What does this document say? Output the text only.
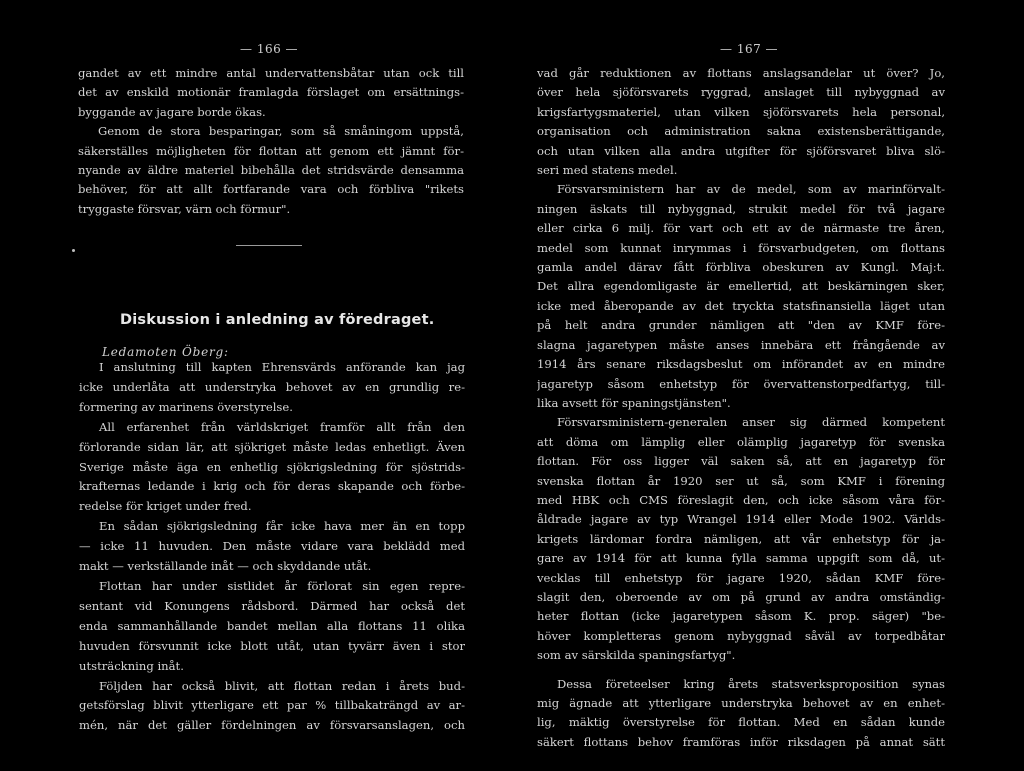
— 166 —
gandet av ett mindre antal undervattensbåtar utan ock till
det av enskild motionär framlagda förslaget om ersättnings-
byggande av jagare borde ökas.
Genom de stora besparingar, som så småningom uppstå,
säkerställes möjligheten för flottan att genom ett jämnt för-
nyande av äldre materiel bibehålla det stridsvärde densamma
behöver, för att allt fortfarande vara och förbliva "rikets
tryggaste försvar, värn och förmur".
Diskussion i anledning av föredraget.
Ledamoten Öberg:
I anslutning till kapten Ehrensvärds anförande kan jag
icke underlåta att understryka behovet av en grundlig re-
formering av marinens överstyrelse.
All erfarenhet från världskriget framför allt från den
förlorande sidan lär, att sjökriget måste ledas enhetligt. Även
Sverige måste äga en enhetlig sjökrigsledning för sjöstrids-
krafternas ledande i krig och för deras skapande och förbe-
redelse för kriget under fred.
En sådan sjökrigsledning får icke hava mer än en topp
— icke 11 huvuden. Den måste vidare vara beklädd med
makt — verkställande inåt — och skyddande utåt.
Flottan har under sistlidet år förlorat sin egen repre-
sentant vid Konungens rådsbord. Därmed har också det
enda sammanhållande bandet mellan alla flottans 11 olika
huvuden försvunnit icke blott utåt, utan tyvärr även i stor
utsträckning inåt.
Följden har också blivit, att flottan redan i årets bud-
getsförslag blivit ytterligare ett par % tillbakaträngd av ar-
mén, när det gäller fördelningen av försvarsanslagen, och
— 167 —
vad går reduktionen av flottans anslagsandelar ut över? Jo,
över hela sjöförsvarets ryggrad, anslaget till nybyggnad av
krigsfartygsmateriel, utan vilken sjöförsvarets hela personal,
organisation och administration sakna existensberättigande,
och utan vilken alla andra utgifter för sjöförsvaret bliva slö-
seri med statens medel.
Försvarsministern har av de medel, som av marinförvalt-
ningen äskats till nybyggnad, strukit medel för två jagare
eller cirka 6 milj. för vart och ett av de närmaste tre åren,
medel som kunnat inrymmas i försvarbudgeten, om flottans
gamla andel därav fått förbliva obeskuren av Kungl. Maj:t.
Det allra egendomligaste är emellertid, att beskärningen sker,
icke med åberopande av det tryckta statsfinansiella läget utan
på helt andra grunder nämligen att "den av KMF före-
slagna jagaretypen måste anses innebära ett frångående av
1914 års senare riksdagsbeslut om införandet av en mindre
jagaretyp såsom enhetstyp för övervattenstorpedfartyg, till-
lika avsett för spaningstjänsten".
Försvarsministern-generalen anser sig därmed kompetent
att döma om lämplig eller olämplig jagaretyp för svenska
flottan. För oss ligger väl saken så, att en jagaretyp för
svenska flottan år 1920 ser ut så, som KMF i förening
med HBK och CMS föreslagit den, och icke såsom våra för-
åldrade jagare av typ Wrangel 1914 eller Mode 1902. Världs-
krigets lärdomar fordra nämligen, att vår enhetstyp för ja-
gare av 1914 för att kunna fylla samma uppgift som då, ut-
vecklas till enhetstyp för jagare 1920, sådan KMF före-
slagit den, oberoende av om på grund av andra omständig-
heter flottan (icke jagaretypen såsom K. prop. säger) "be-
höver kompletteras genom nybyggnad såväl av torpedbåtar
som av särskilda spaningsfartyg".
Dessa företeelser kring årets statsverksproposition synas
mig ägnade att ytterligare understryka behovet av en enhet-
lig, mäktig överstyrelse för flottan. Med en sådan kunde
säkert flottans behov framföras inför riksdagen på annat sätt
